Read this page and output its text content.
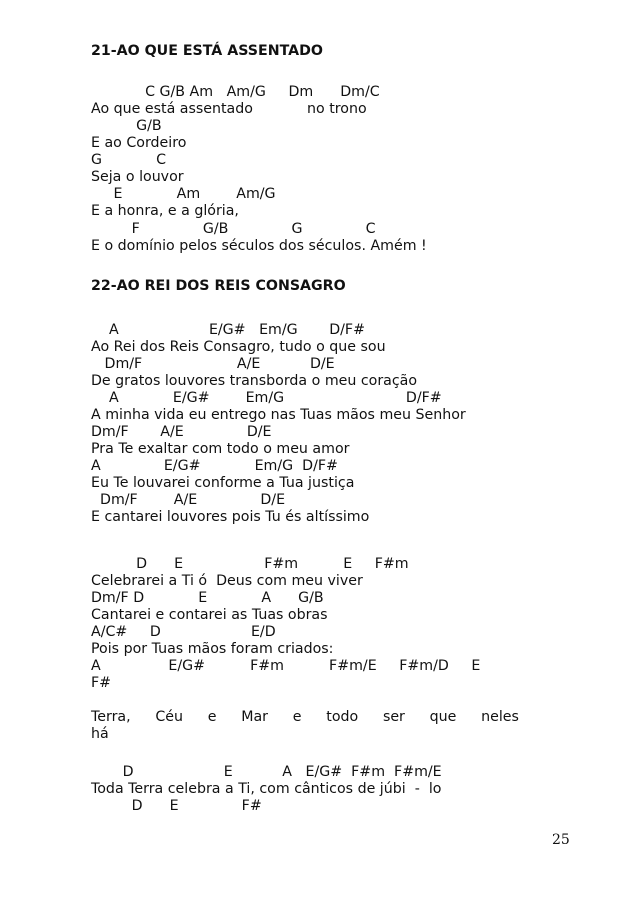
21-AO QUE ESTÁ ASSENTADO
C G/B Am   Am/G     Dm      Dm/C
Ao que está assentado            no trono
G/B
E ao Cordeiro
G            C
Seja o louvor
E            Am        Am/G
E a honra, e a glória,
F              G/B              G              C
E o domínio pelos séculos dos séculos. Amém !
22-AO REI DOS REIS CONSAGRO
A                    E/G#   Em/G       D/F#
Ao Rei dos Reis Consagro, tudo o que sou
Dm/F                     A/E           D/E
De gratos louvores transborda o meu coração
A            E/G#        Em/G                           D/F#
A minha vida eu entrego nas Tuas mãos meu Senhor
Dm/F       A/E              D/E
Pra Te exaltar com todo o meu amor
A              E/G#            Em/G  D/F#
Eu Te louvarei conforme a Tua justiça
Dm/F        A/E              D/E
E cantarei louvores pois Tu és altíssimo
D      E                  F#m          E     F#m
Celebrarei a Ti ó  Deus com meu viver
Dm/F D            E            A      G/B
Cantarei e contarei as Tuas obras
A/C#     D                    E/D
Pois por Tuas mãos foram criados:
A               E/G#          F#m          F#m/E     F#m/D     E
F#
Terra, Céu e Mar e todo ser que neles
há
D                    E           A   E/G#  F#m  F#m/E
Toda Terra celebra a Ti, com cânticos de júbi  -  lo
D      E              F#
25
